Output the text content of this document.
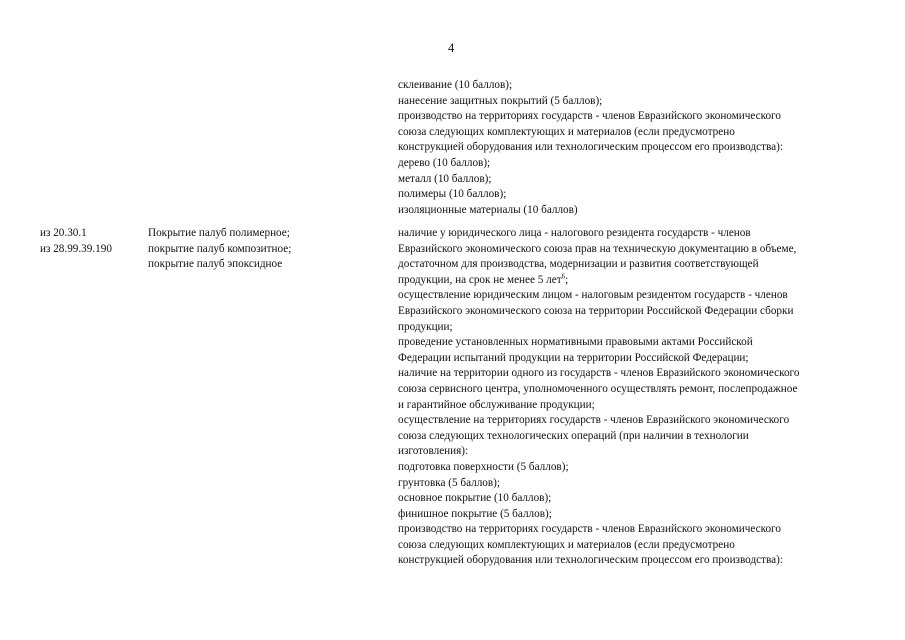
4
склеивание (10 баллов);
нанесение защитных покрытий (5 баллов);
производство на территориях государств - членов Евразийского экономического
союза следующих комплектующих и материалов (если предусмотрено
конструкцией оборудования или технологическим процессом его производства):
дерево (10 баллов);
металл (10 баллов);
полимеры (10 баллов);
изоляционные материалы (10 баллов)
из 20.30.1
из 28.99.39.190
Покрытие палуб полимерное;
покрытие палуб композитное;
покрытие палуб эпоксидное
наличие у юридического лица - налогового резидента государств - членов
Евразийского экономического союза прав на техническую документацию в объеме,
достаточном для производства, модернизации и развития соответствующей
продукции, на срок не менее 5 лет$^6$;
осуществление юридическим лицом - налоговым резидентом государств - членов
Евразийского экономического союза на территории Российской Федерации сборки
продукции;
проведение установленных нормативными правовыми актами Российской
Федерации испытаний продукции на территории Российской Федерации;
наличие на территории одного из государств - членов Евразийского экономического
союза сервисного центра, уполномоченного осуществлять ремонт, послепродажное
и гарантийное обслуживание продукции;
осуществление на территориях государств - членов Евразийского экономического
союза следующих технологических операций (при наличии в технологии
изготовления):
подготовка поверхности (5 баллов);
грунтовка (5 баллов);
основное покрытие (10 баллов);
финишное покрытие (5 баллов);
производство на территориях государств - членов Евразийского экономического
союза следующих комплектующих и материалов (если предусмотрено
конструкцией оборудования или технологическим процессом его производства):
